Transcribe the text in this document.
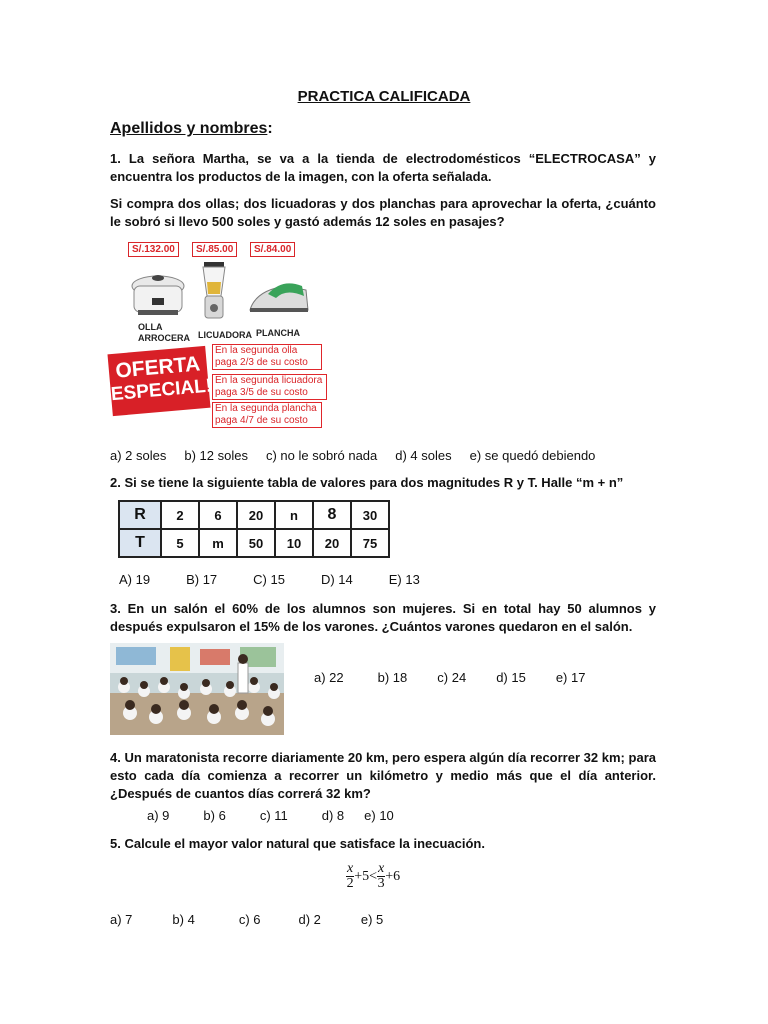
PRACTICA CALIFICADA
Apellidos y nombres:
1. La señora Martha, se va a la tienda de electrodomésticos “ELECTROCASA” y encuentra los productos de la imagen, con la oferta señalada.
Si compra dos ollas; dos licuadoras y dos planchas para aprovechar la oferta, ¿cuánto le sobró si llevo 500 soles y gastó además 12 soles en pasajes?
S/.132.00	S/.85.00	S/.84.00
OLLA
ARROCERA LICUADORA PLANCHA
OFERTA
ESPECIAL!
En la segunda olla paga 2/3 de su costo
En la segunda licuadora paga 3/5 de su costo
En la segunda plancha paga 4/7 de su costo
a) 2 soles b) 12 soles c) no le sobró nada d) 4 soles e) se quedó debiendo
2. Si se tiene la siguiente tabla de valores para dos magnitudes R y T. Halle “m + n”
R	2	6	20	n	8	30
T	5	m	50	10	20	75
A) 19	B) 17	C) 15	D) 14	E) 13
3. En un salón el 60% de los alumnos son mujeres. Si en total hay 50 alumnos y después expulsaron el 15% de los varones. ¿Cuántos varones quedaron en el salón.
a) 22	b) 18 c) 24 d) 15 e) 17
4. Un maratonista recorre diariamente 20 km, pero espera algún día recorrer 32 km; para esto cada día comienza a recorrer un kilómetro y medio más que el día anterior. ¿Después de cuantos días correrá 32 km?
a) 9	b) 6	c) 11	d) 8 e) 10
5. Calcule el mayor valor natural que satisface la inecuación.
$\frac{x}{2} +5< \frac{x}{3} +6$
a) 7	b) 4	c) 6	d) 2	e) 5
